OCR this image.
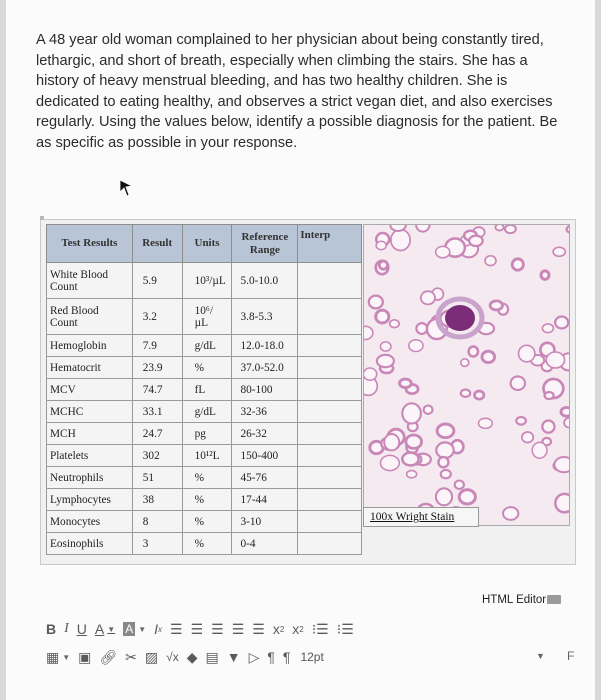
A 48 year old woman complained to her physician about being constantly tired, lethargic, and short of breath, especially when climbing the stairs. She has a history of heavy menstrual bleeding, and has two healthy children. She is dedicated to eating healthy, and observes a strict vegan diet, and also exercises regularly. Using the values below, identify a possible diagnosis for the patient. Be as specific as possible in your response.

Test Results	Result	Units	Reference Range	Interp
White Blood Count	5.9	10³/µL	5.0-10.0	
Red Blood Count	3.2	10⁶/ µL	3.8-5.3	
Hemoglobin	7.9	g/dL	12.0-18.0	
Hematocrit	23.9	%	37.0-52.0	
MCV	74.7	fL	80-100	
MCHC	33.1	g/dL	32-36	
MCH	24.7	pg	26-32	
Platelets	302	10¹²L	150-400	
Neutrophils	51	%	45-76	
Lymphocytes	38	%	17-44	
Monocytes	8	%	3-10	
Eosinophils	3	%	0-4	
100x Wright Stain
HTML Editor
B I U A ▼ A ▼ I x ☰ ☰ ☰ ☰ ☰ x 2 x 2 ⁝☰ ⁝☰
▦ ▼ ▣ 🔗︎ ✂ ▨ √x ◆ ▤ ▼ ▷ ¶ ¶ 12pt	▼ F
